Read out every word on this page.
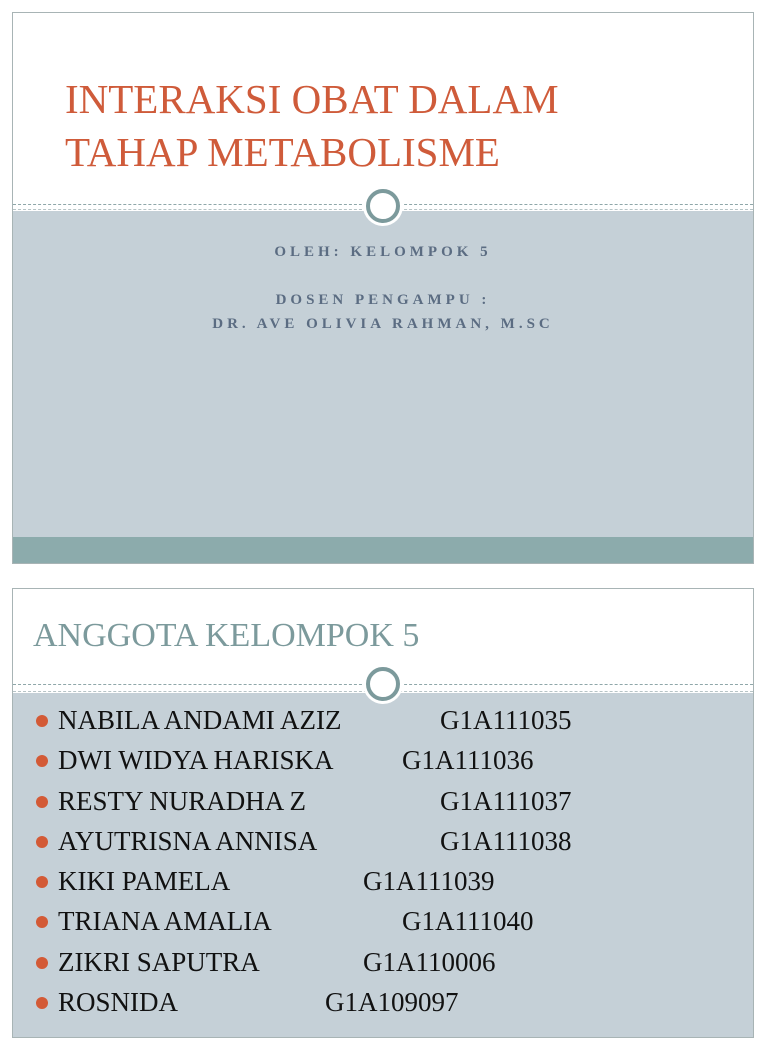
INTERAKSI OBAT DALAM
TAHAP METABOLISME
OLEH: KELOMPOK 5
DOSEN PENGAMPU :
DR. AVE OLIVIA RAHMAN, M.SC
ANGGOTA KELOMPOK 5
NABILA ANDAMI AZIZ	G1A111035
DWI WIDYA HARISKA	G1A111036
RESTY NURADHA Z	G1A111037
AYUTRISNA ANNISA	G1A111038
KIKI PAMELA	G1A111039
TRIANA AMALIA	G1A111040
ZIKRI SAPUTRA	G1A110006
ROSNIDA	G1A109097
